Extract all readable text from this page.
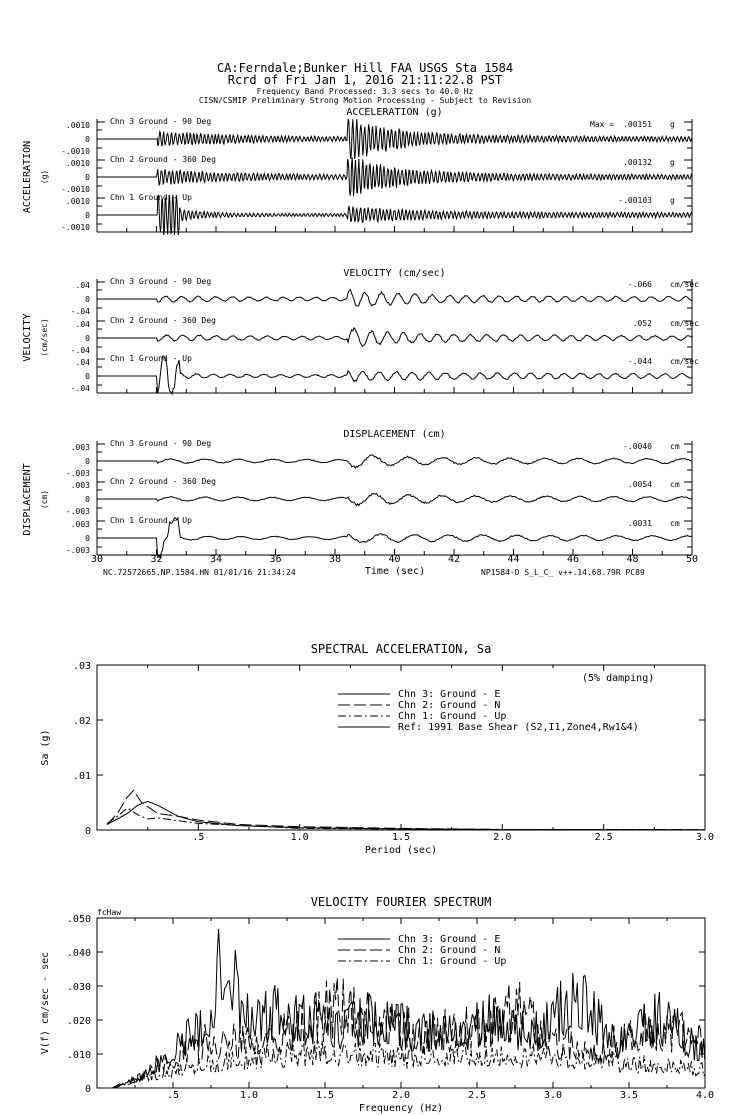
CA:Ferndale;Bunker Hill FAA USGS Sta 1584
Rcrd of Fri Jan 1, 2016 21:11:22.8 PST
Frequency Band Processed: 3.3 secs to 40.0 Hz
CISN/CSMIP Preliminary Strong Motion Processing - Subject to Revision
ACCELERATION (g)
ACCELERATION (g)
.0010
0
-.0010
Chn 3 Ground - 90 Deg	Max = .00151 g
.0010
0
-.0010
Chn 2 Ground - 360 Deg	.00132 g
.0010
0
-.0010
Chn 1 Ground - Up	-.00103 g
VELOCITY (cm/sec)
VELOCITY (cm/sec)
.04
0
-.04
Chn 3 Ground - 90 Deg	-.066 cm/sec
.04
0
-.04
Chn 2 Ground - 360 Deg	.052 cm/sec
.04
0
-.04
Chn 1 Ground - Up	-.044 cm/sec
DISPLACEMENT (cm)
DISPLACEMENT (cm)
.003
0
-.003
Chn 3 Ground - 90 Deg	-.0040 cm
.003
0
-.003
Chn 2 Ground - 360 Deg	.0054 cm
.003
0
-.003
Chn 1 Ground - Up	.0031 cm
30	32	34	36	38	40	42	44	46	48	50
Time (sec)
NC.72572665.NP.1584.HN 01/01/16 21:34:24	NP1584-D S_L_C_ v++.14.68.79R PC89
SPECTRAL ACCELERATION, Sa
.5	1.0	1.5	2.0	2.5	3.0
.03
.02
.01
0
Period (sec)
Sa (g)
Chn 3: Ground - E
Chn 2: Ground - N
Chn 1: Ground - Up
Ref: 1991 Base Shear (S2,I1,Zone4,Rw1&4)
(5% damping)
VELOCITY FOURIER SPECTRUM
.5	1.0	1.5	2.0	2.5	3.0	3.5	4.0
.050
.040
.030
.020
.010
0
Frequency (Hz)
V(f) cm/sec - sec
Chn 3: Ground - E
Chn 2: Ground - N
Chn 1: Ground - Up
fcHaw
